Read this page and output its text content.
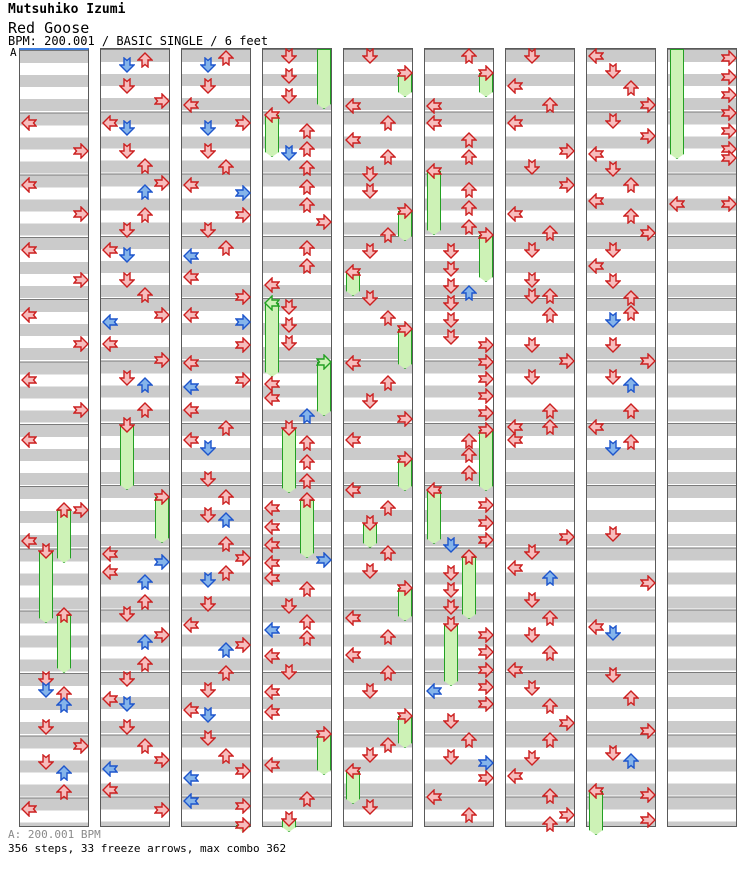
Mutsuhiko Izumi
Red Goose
BPM: 200.001 / BASIC SINGLE / 6 feet
A
A: 200.001 BPM
356 steps, 33 freeze arrows, max combo 362
